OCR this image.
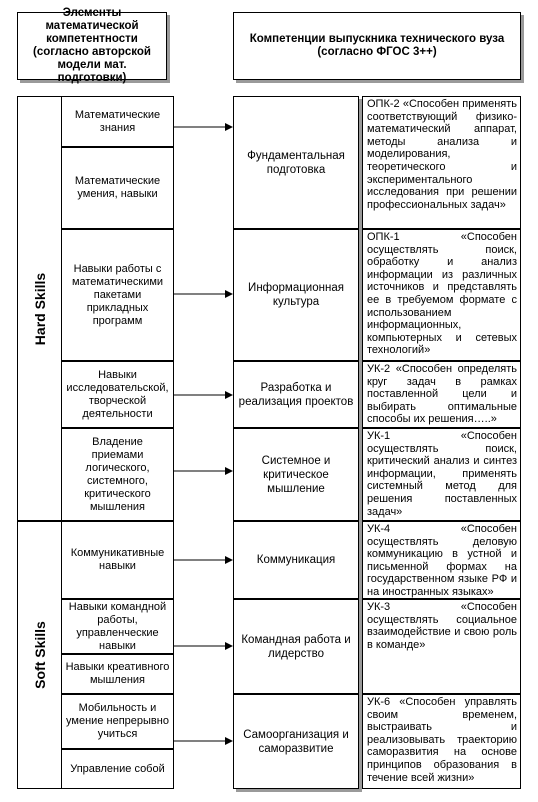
Элементы математической компетентности (согласно авторской модели мат. подготовки)
Компетенции выпускника технического вуза (согласно ФГОС 3++)
Hard Skills
Soft Skills
Математические знания
Математические умения, навыки
Навыки работы с математическими пакетами прикладных программ
Навыки исследовательской, творческой деятельности
Владение приемами логического, системного, критического мышления
Коммуникативные навыки
Навыки командной работы, управленческие навыки
Навыки креативного мышления
Мобильность и умение непрерывно учиться
Управление собой
Фундаментальная подготовка
Информационная культура
Разработка и реализация проектов
Системное и критическое мышление
Коммуникация
Командная работа и лидерство
Самоорганизация и саморазвитие
ОПК-2 «Способен применять соответствующий физико-математический аппарат, методы анализа и моделирования, теоретического и экспериментального исследования при решении профессиональных задач»
ОПК-1 «Способен осуществлять поиск, обработку и анализ информации из различных источников и представлять ее в требуемом формате с использованием информационных, компьютерных и сетевых технологий»
УК-2 «Способен определять круг задач в рамках поставленной цели и выбирать оптимальные способы их решения…..»
УК-1 «Способен осуществлять поиск, критический анализ и синтез информации, применять системный метод для решения поставленных задач»
УК-4 «Способен осуществлять деловую коммуникацию в устной и письменной формах на государственном языке РФ и на иностранных языках»
УК-3 «Способен осуществлять социальное взаимодействие и свою роль в команде»
УК-6 «Способен управлять своим временем, выстраивать и реализовывать траекторию саморазвития на основе принципов образования в течение всей жизни»
